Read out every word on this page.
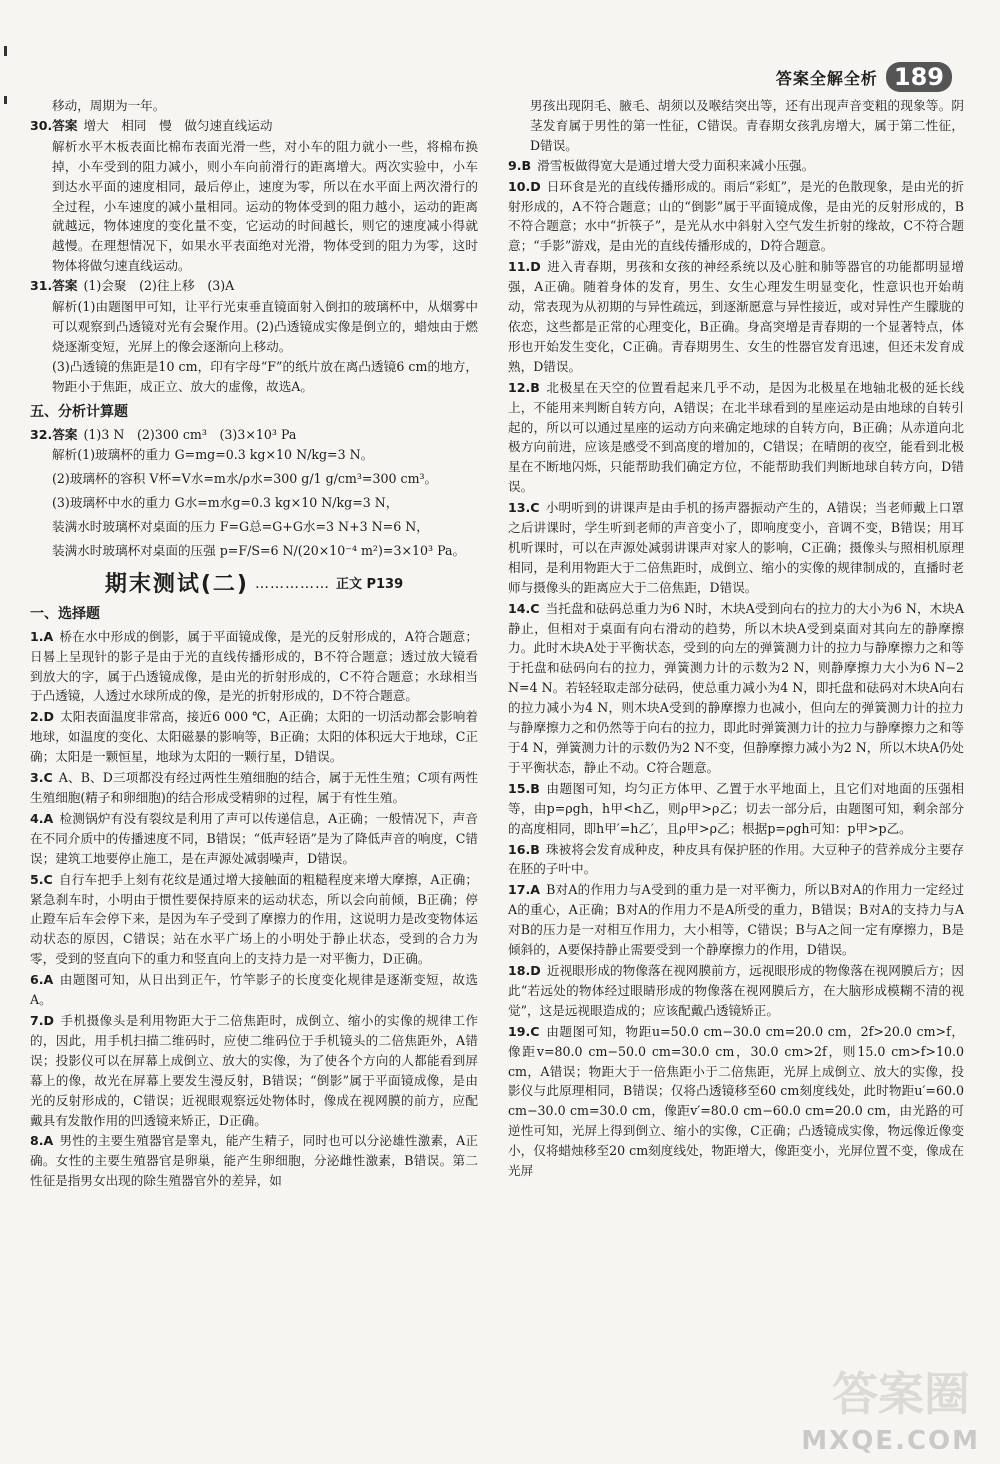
答案全解全析 189
移动，周期为一年。
30.答案 增大　相同　慢　做匀速直线运动
解析水平木板表面比棉布表面光滑一些，对小车的阻力就小一些，将棉布换掉，小车受到的阻力减小，则小车向前滑行的距离增大。两次实验中，小车到达水平面的速度相同，最后停止，速度为零，所以在水平面上两次滑行的全过程，小车速度的减小量相同。运动的物体受到的阻力越小，运动的距离就越远，物体速度的变化量不变，它运动的时间越长，则它的速度减小得就越慢。在理想情况下，如果水平表面绝对光滑，物体受到的阻力为零，这时物体将做匀速直线运动。
31.答案 (1)会聚　(2)往上移　(3)A
解析(1)由题图甲可知，让平行光束垂直镜面射入倒扣的玻璃杯中，从烟雾中可以观察到凸透镜对光有会聚作用。(2)凸透镜成实像是倒立的，蜡烛由于燃烧逐渐变短，光屏上的像会逐渐向上移动。
(3)凸透镜的焦距是10 cm，印有字母“F”的纸片放在离凸透镜6 cm的地方，物距小于焦距，成正立、放大的虚像，故选A。
五、分析计算题
32.答案 (1)3 N　(2)300 cm³　(3)3×10³ Pa
解析(1)玻璃杯的重力 G=mg=0.3 kg×10 N/kg=3 N。
(2)玻璃杯的容积 V杯=V水=m水/ρ水=300 g/1 g/cm³=300 cm³。
(3)玻璃杯中水的重力 G水=m水g=0.3 kg×10 N/kg=3 N，
装满水时玻璃杯对桌面的压力 F=G总=G+G水=3 N+3 N=6 N，
装满水时玻璃杯对桌面的压强 p=F/S=6 N/(20×10⁻⁴ m²)=3×10³ Pa。
期末测试(二) …………… 正文 P139
一、选择题
1.A 桥在水中形成的倒影，属于平面镜成像，是光的反射形成的，A符合题意；日晷上呈现针的影子是由于光的直线传播形成的，B不符合题意；透过放大镜看到放大的字，属于凸透镜成像，是由光的折射形成的，C不符合题意；水球相当于凸透镜，人透过水球所成的像，是光的折射形成的，D不符合题意。
2.D 太阳表面温度非常高，接近6 000 ℃，A正确；太阳的一切活动都会影响着地球，如温度的变化、太阳磁暴的影响等，B正确；太阳的体积远大于地球，C正确；太阳是一颗恒星，地球为太阳的一颗行星，D错误。
3.C A、B、D三项都没有经过两性生殖细胞的结合，属于无性生殖；C项有两性生殖细胞(精子和卵细胞)的结合形成受精卵的过程，属于有性生殖。
4.A 检测锅炉有没有裂纹是利用了声可以传递信息，A正确；一般情况下，声音在不同介质中的传播速度不同，B错误；“低声轻语”是为了降低声音的响度，C错误；建筑工地要停止施工，是在声源处减弱噪声，D错误。
5.C 自行车把手上刻有花纹是通过增大接触面的粗糙程度来增大摩擦，A正确；紧急刹车时，小明由于惯性要保持原来的运动状态，所以会向前倾，B正确；停止蹬车后车会停下来，是因为车子受到了摩擦力的作用，这说明力是改变物体运动状态的原因，C错误；站在水平广场上的小明处于静止状态，受到的合力为零，受到的竖直向下的重力和竖直向上的支持力是一对平衡力，D正确。
6.A 由题图可知，从日出到正午，竹竿影子的长度变化规律是逐渐变短，故选A。
7.D 手机摄像头是利用物距大于二倍焦距时，成倒立、缩小的实像的规律工作的，因此，用手机扫描二维码时，应使二维码位于手机镜头的二倍焦距外，A错误；投影仪可以在屏幕上成倒立、放大的实像，为了使各个方向的人都能看到屏幕上的像，故光在屏幕上要发生漫反射，B错误；“倒影”属于平面镜成像，是由光的反射形成的，C错误；近视眼观察远处物体时，像成在视网膜的前方，应配戴具有发散作用的凹透镜来矫正，D正确。
8.A 男性的主要生殖器官是睾丸，能产生精子，同时也可以分泌雄性激素，A正确。女性的主要生殖器官是卵巢，能产生卵细胞，分泌雌性激素，B错误。第二性征是指男女出现的除生殖器官外的差异，如
男孩出现阴毛、腋毛、胡须以及喉结突出等，还有出现声音变粗的现象等。阴茎发育属于男性的第一性征，C错误。青春期女孩乳房增大，属于第二性征，D错误。
9.B 滑雪板做得宽大是通过增大受力面积来减小压强。
10.D 日环食是光的直线传播形成的。雨后“彩虹”，是光的色散现象，是由光的折射形成的，A不符合题意；山的“倒影”属于平面镜成像，是由光的反射形成的，B不符合题意；水中“折筷子”，是光从水中斜射入空气发生折射的缘故，C不符合题意；“手影”游戏，是由光的直线传播形成的，D符合题意。
11.D 进入青春期，男孩和女孩的神经系统以及心脏和肺等器官的功能都明显增强，A正确。随着身体的发育，男生、女生心理发生明显变化，性意识也开始萌动，常表现为从初期的与异性疏远，到逐渐愿意与异性接近，或对异性产生朦胧的依恋，这些都是正常的心理变化，B正确。身高突增是青春期的一个显著特点，体形也开始发生变化，C正确。青春期男生、女生的性器官发育迅速，但还未发育成熟，D错误。
12.B 北极星在天空的位置看起来几乎不动，是因为北极星在地轴北极的延长线上，不能用来判断自转方向，A错误；在北半球看到的星座运动是由地球的自转引起的，所以可以通过星座的运动方向来确定地球的自转方向，B正确；从赤道向北极方向前进，应该是感受不到高度的增加的，C错误；在晴朗的夜空，能看到北极星在不断地闪烁，只能帮助我们确定方位，不能帮助我们判断地球自转方向，D错误。
13.C 小明听到的讲课声是由手机的扬声器振动产生的，A错误；当老师戴上口罩之后讲课时，学生听到老师的声音变小了，即响度变小，音调不变，B错误；用耳机听课时，可以在声源处减弱讲课声对家人的影响，C正确；摄像头与照相机原理相同，是利用物距大于二倍焦距时，成倒立、缩小的实像的规律制成的，直播时老师与摄像头的距离应大于二倍焦距，D错误。
14.C 当托盘和砝码总重力为6 N时，木块A受到向右的拉力的大小为6 N，木块A静止，但相对于桌面有向右滑动的趋势，所以木块A受到桌面对其向左的静摩擦力。此时木块A处于平衡状态，受到的向左的弹簧测力计的拉力与静摩擦力之和等于托盘和砝码向右的拉力，弹簧测力计的示数为2 N，则静摩擦力大小为6 N−2 N=4 N。若轻轻取走部分砝码，使总重力减小为4 N，即托盘和砝码对木块A向右的拉力减小为4 N，则木块A受到的静摩擦力也减小，但向左的弹簧测力计的拉力与静摩擦力之和仍然等于向右的拉力，即此时弹簧测力计的拉力与静摩擦力之和等于4 N，弹簧测力计的示数仍为2 N不变，但静摩擦力减小为2 N，所以木块A仍处于平衡状态，静止不动。C符合题意。
15.B 由题图可知，均匀正方体甲、乙置于水平地面上，且它们对地面的压强相等，由p=ρgh，h甲<h乙，则ρ甲>ρ乙；切去一部分后，由题图可知，剩余部分的高度相同，即h甲′=h乙′，且ρ甲>ρ乙；根据p=ρgh可知：p甲>p乙。
16.B 珠被将会发育成种皮，种皮具有保护胚的作用。大豆种子的营养成分主要存在胚的子叶中。
17.A B对A的作用力与A受到的重力是一对平衡力，所以B对A的作用力一定经过A的重心，A正确；B对A的作用力不是A所受的重力，B错误；B对A的支持力与A对B的压力是一对相互作用力，大小相等，C错误；B与A之间一定有摩擦力，B是倾斜的，A要保持静止需要受到一个静摩擦力的作用，D错误。
18.D 近视眼形成的物像落在视网膜前方，远视眼形成的物像落在视网膜后方；因此“若远处的物体经过眼睛形成的物像落在视网膜后方，在大脑形成模糊不清的视觉”，这是远视眼造成的；应该配戴凸透镜矫正。
19.C 由题图可知，物距u=50.0 cm−30.0 cm=20.0 cm，2f>20.0 cm>f，像距v=80.0 cm−50.0 cm=30.0 cm，30.0 cm>2f，则15.0 cm>f>10.0 cm，A错误；物距大于一倍焦距小于二倍焦距，光屏上成倒立、放大的实像，投影仪与此原理相同，B错误；仅将凸透镜移至60 cm刻度线处，此时物距u′=60.0 cm−30.0 cm=30.0 cm，像距v′=80.0 cm−60.0 cm=20.0 cm，由光路的可逆性可知，光屏上得到倒立、缩小的实像，C正确；凸透镜成实像，物远像近像变小，仅将蜡烛移至20 cm刻度线处，物距增大，像距变小，光屏位置不变，像成在光屏
答案圈
MXQE.COM
